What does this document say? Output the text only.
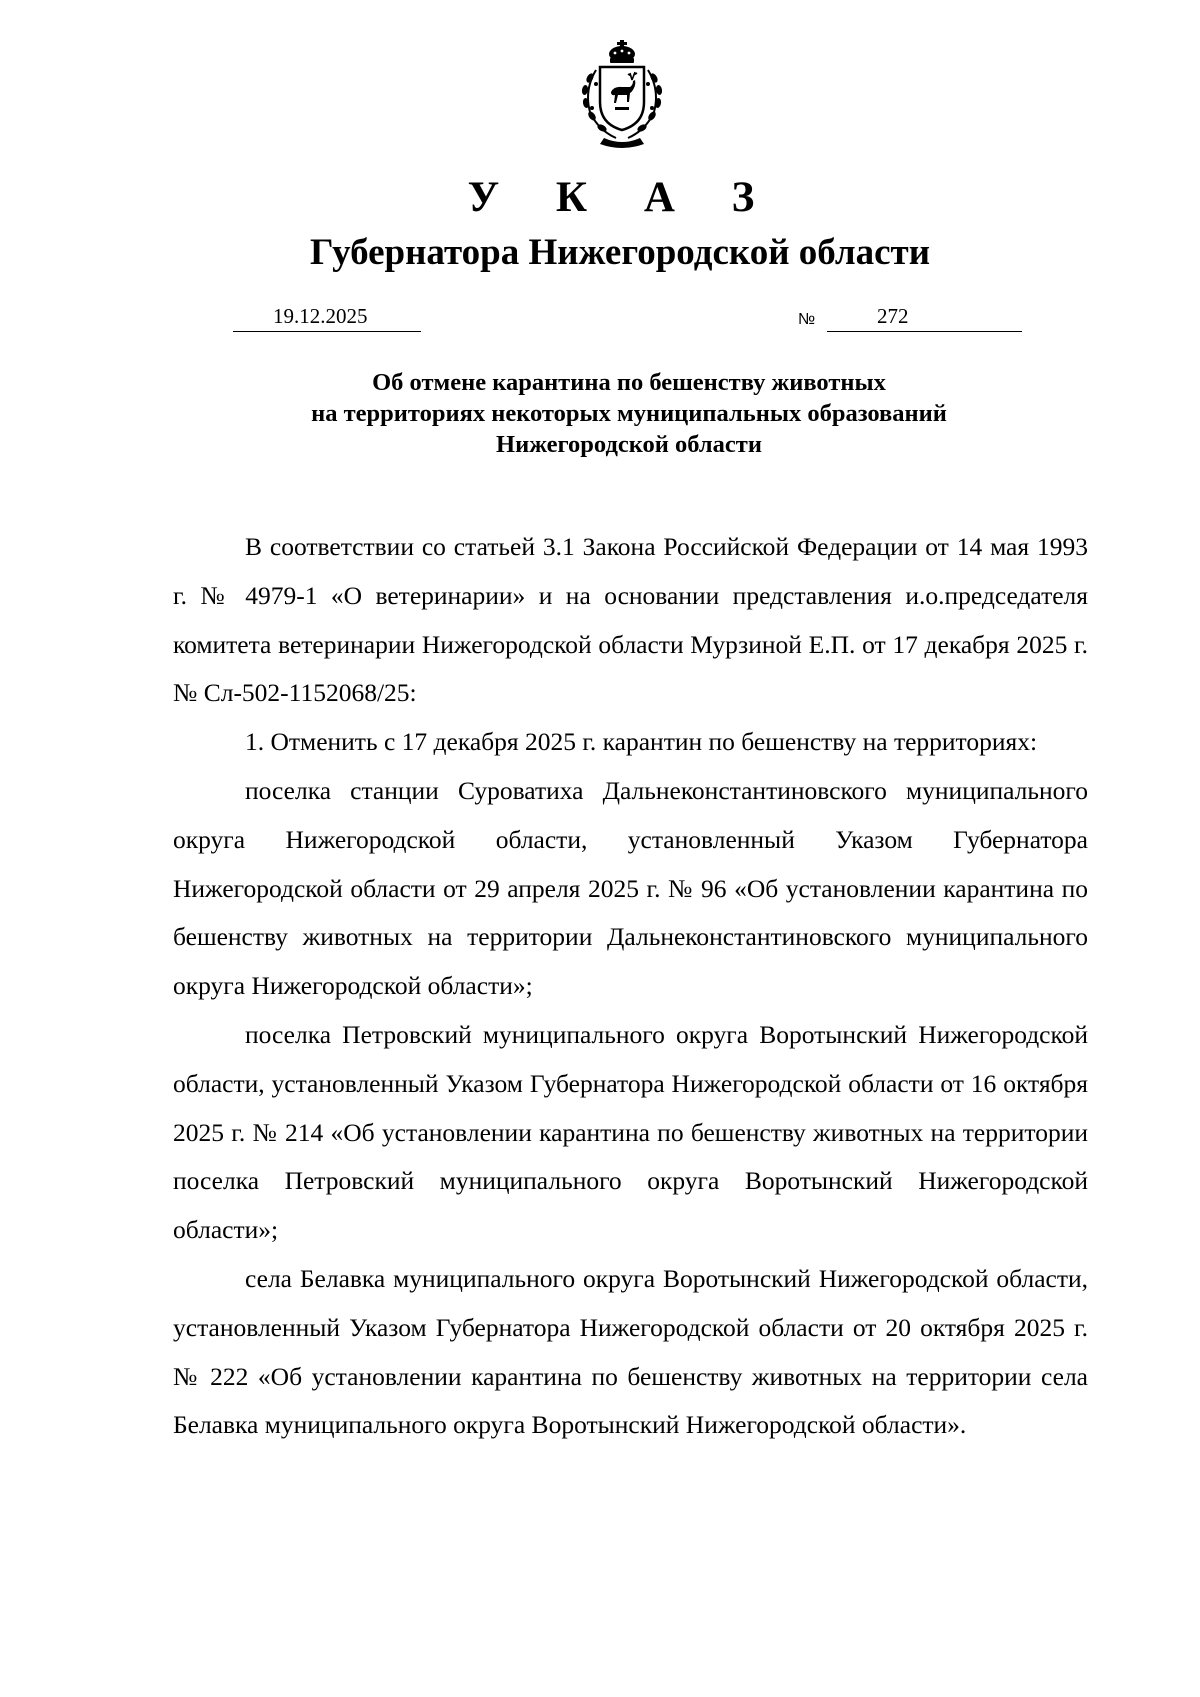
У К А З
Губернатора Нижегородской области
19.12.2025	№	272
Об отмене карантина по бешенству животных
на территориях некоторых муниципальных образований
Нижегородской области

В соответствии со статьей 3.1 Закона Российской Федерации от 14 мая 1993 г. № 4979-1 «О ветеринарии» и на основании представления и.о.председателя комитета ветеринарии Нижегородской области Мурзиной Е.П. от 17 декабря 2025 г. № Сл-502-1152068/25:

1. Отменить с 17 декабря 2025 г. карантин по бешенству на территориях:

поселка станции Суроватиха Дальнеконстантиновского муниципального округа Нижегородской области, установленный Указом Губернатора Нижегородской области от 29 апреля 2025 г. № 96 «Об установлении карантина по бешенству животных на территории Дальнеконстантиновского муниципального округа Нижегородской области»;

поселка Петровский муниципального округа Воротынский Нижегородской области, установленный Указом Губернатора Нижегородской области от 16 октября 2025 г. № 214 «Об установлении карантина по бешенству животных на территории поселка Петровский муниципального округа Воротынский Нижегородской области»;

села Белавка муниципального округа Воротынский Нижегородской области, установленный Указом Губернатора Нижегородской области от 20 октября 2025 г. № 222 «Об установлении карантина по бешенству животных на территории села Белавка муниципального округа Воротынский Нижегородской области».
